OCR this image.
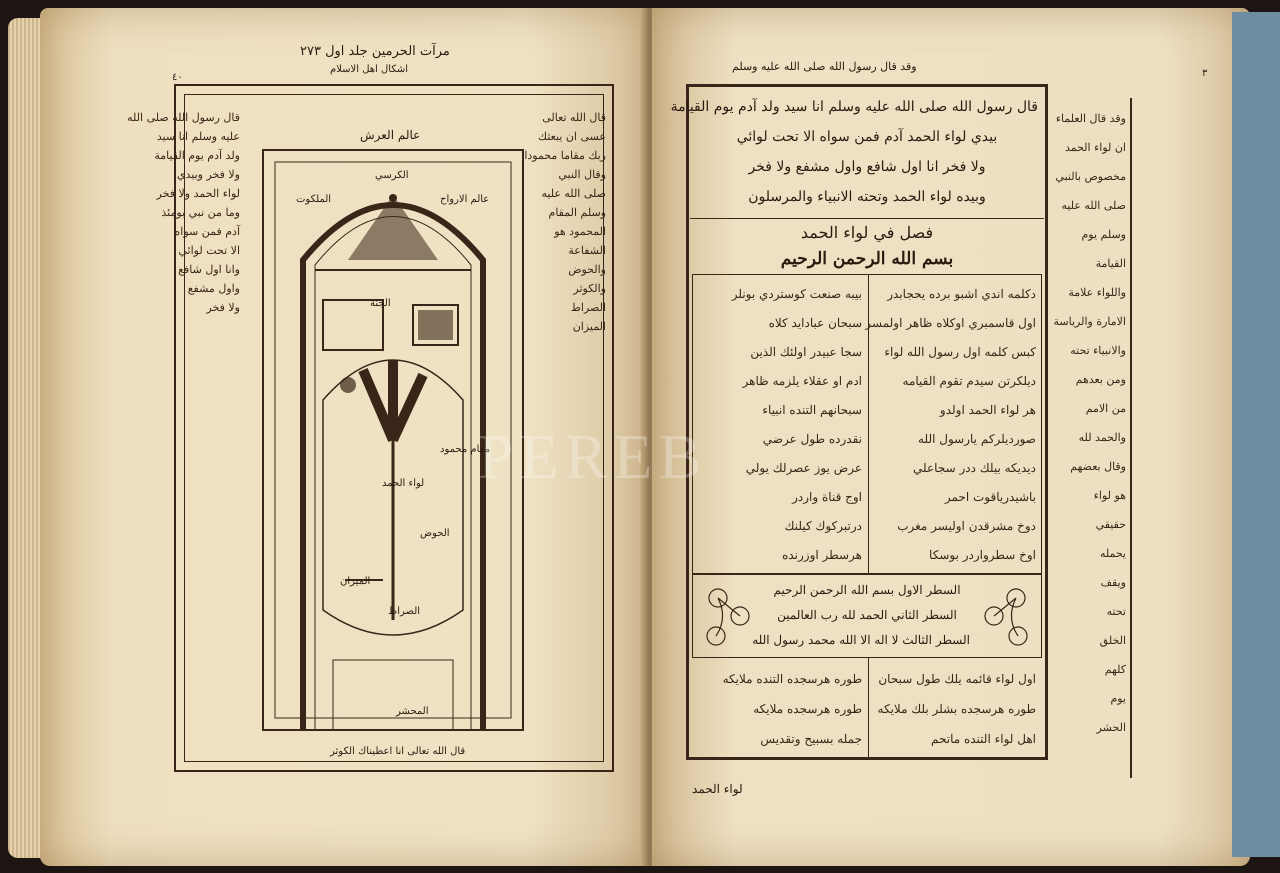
مرآت الحرمين جلد اول ٢٧٣
اشكال اهل الاسلام
٤٠
قال رسول الله صلى الله
عليه وسلم انا سيد
ولد آدم يوم القيامة
ولا فخر وبيدي
لواء الحمد ولا فخر
وما من نبي يومئذ
آدم فمن سواه
الا تحت لوائي
وانا اول شافع
واول مشفع
ولا فخر
قال الله تعالى
عسى ان يبعثك
ربك مقاما محمودا
وقال النبي
صلى الله عليه
وسلم المقام
المحمود هو
الشفاعة
والحوض
والكوثر
الصراط
الميزان
عالم العرش
الكرسي
عالم الارواح
الملكوت
الجنة
الصراط
الميزان
الحوض
لواء الحمد
مقام محمود
المحشر
قال الله تعالى انا اعطيناك الكوثر
وقد قال رسول الله صلى الله عليه وسلم
٣
قال رسول الله صلى الله عليه وسلم انا سيد ولد آدم يوم القيامة
بيدي لواء الحمد آدم فمن سواه الا تحت لوائي
ولا فخر انا اول شافع واول مشفع ولا فخر
وبيده لواء الحمد وتحته الانبياء والمرسلون
فصل في لواء الحمد
بسم الله الرحمن الرحيم
دكلمه اندي اشبو برده يحجابدر
اول قاسمبري اوكلاه ظاهر اولمسر
كبس كلمه اول رسول الله لواء
ديلكرتن سيدم تقوم القيامه
هر لواء الحمد اولدو
صورديلركم يارسول الله
ديديكه بيلك ددر سجاعلي
باشيدرياقوت احمر
دوخ مشرقدن اوليسر مغرب
اوخ سطرواردر بوسكا
بيبه صنعت كوستردي بونلر
سبحان عبادايد كلاه
سجا عبيدر اولئك الذين
ادم او عقلاء يلزمه ظاهر
سبحانهم التنده انبياء
نقدرده طول عرضي
عرض يوز عصرلك يولي
اوج قناة واردر
درتبركوك كيلنك
هرسطر اوزرنده
السطر الاول بسم الله الرحمن الرحيم
السطر الثاني الحمد لله رب العالمين
السطر الثالث لا اله الا الله محمد رسول الله
اول لواء قائمه يلك طول سبحان
طوره هرسجده بشلر بلك ملايكه
اهل لواء التنده ماتحم
طوره هرسجده التنده ملايكه
طوره هرسجده ملايكه
جمله بسبيح وتقديس
لواء الحمد
وقد قال العلماء
ان لواء الحمد
مخصوص بالنبي
صلى الله عليه
وسلم يوم
القيامة
واللواء علامة
الامارة والرياسة
والانبياء تحته
ومن بعدهم
من الامم
والحمد لله
وقال بعضهم
هو لواء
حقيقي
يحمله
ويقف
تحته
الخلق
كلهم
يوم
الحشر
PEREB
